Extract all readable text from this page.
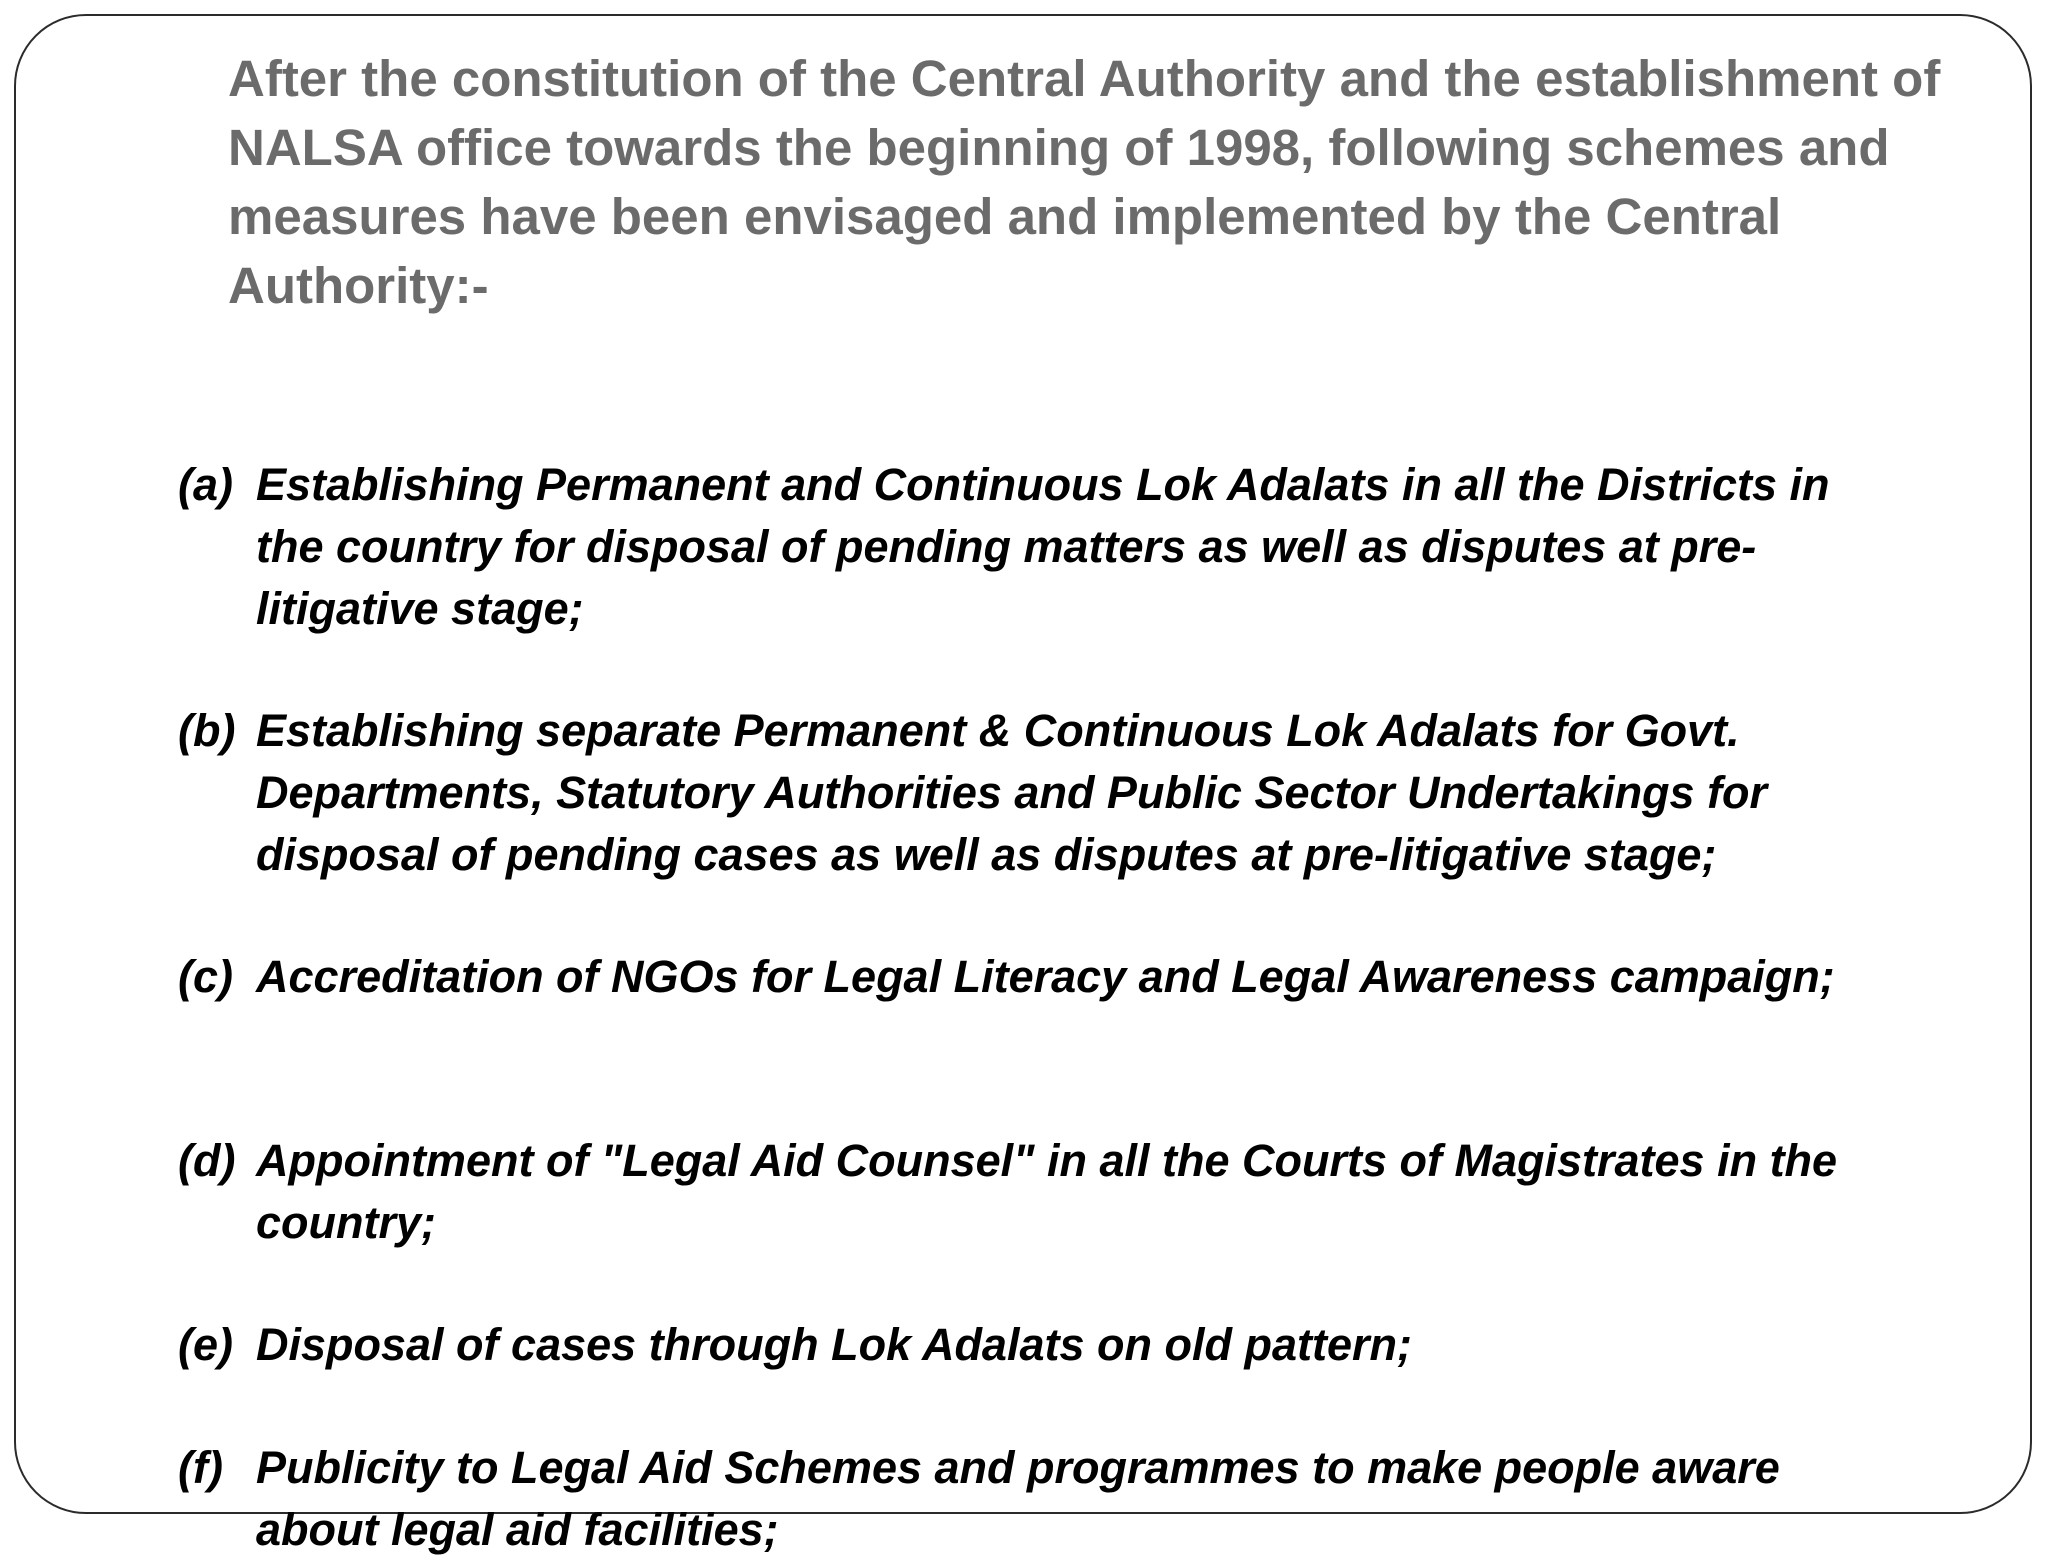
After the constitution of the Central Authority and the establishment of NALSA office towards the beginning of 1998, following schemes and measures have been envisaged and implemented by the Central Authority:-

(a) Establishing Permanent and Continuous Lok Adalats in all the Districts in the country for disposal of pending matters as well as disputes at pre-litigative stage;
(b) Establishing separate Permanent & Continuous Lok Adalats for Govt. Departments, Statutory Authorities and Public Sector Undertakings for disposal of pending cases as well as disputes at pre-litigative stage;
(c) Accreditation of NGOs for Legal Literacy and Legal Awareness campaign;
(d) Appointment of "Legal Aid Counsel" in all the Courts of Magistrates in the country;
(e) Disposal of cases through Lok Adalats on old pattern;
(f) Publicity to Legal Aid Schemes and programmes to make people aware about legal aid facilities;
